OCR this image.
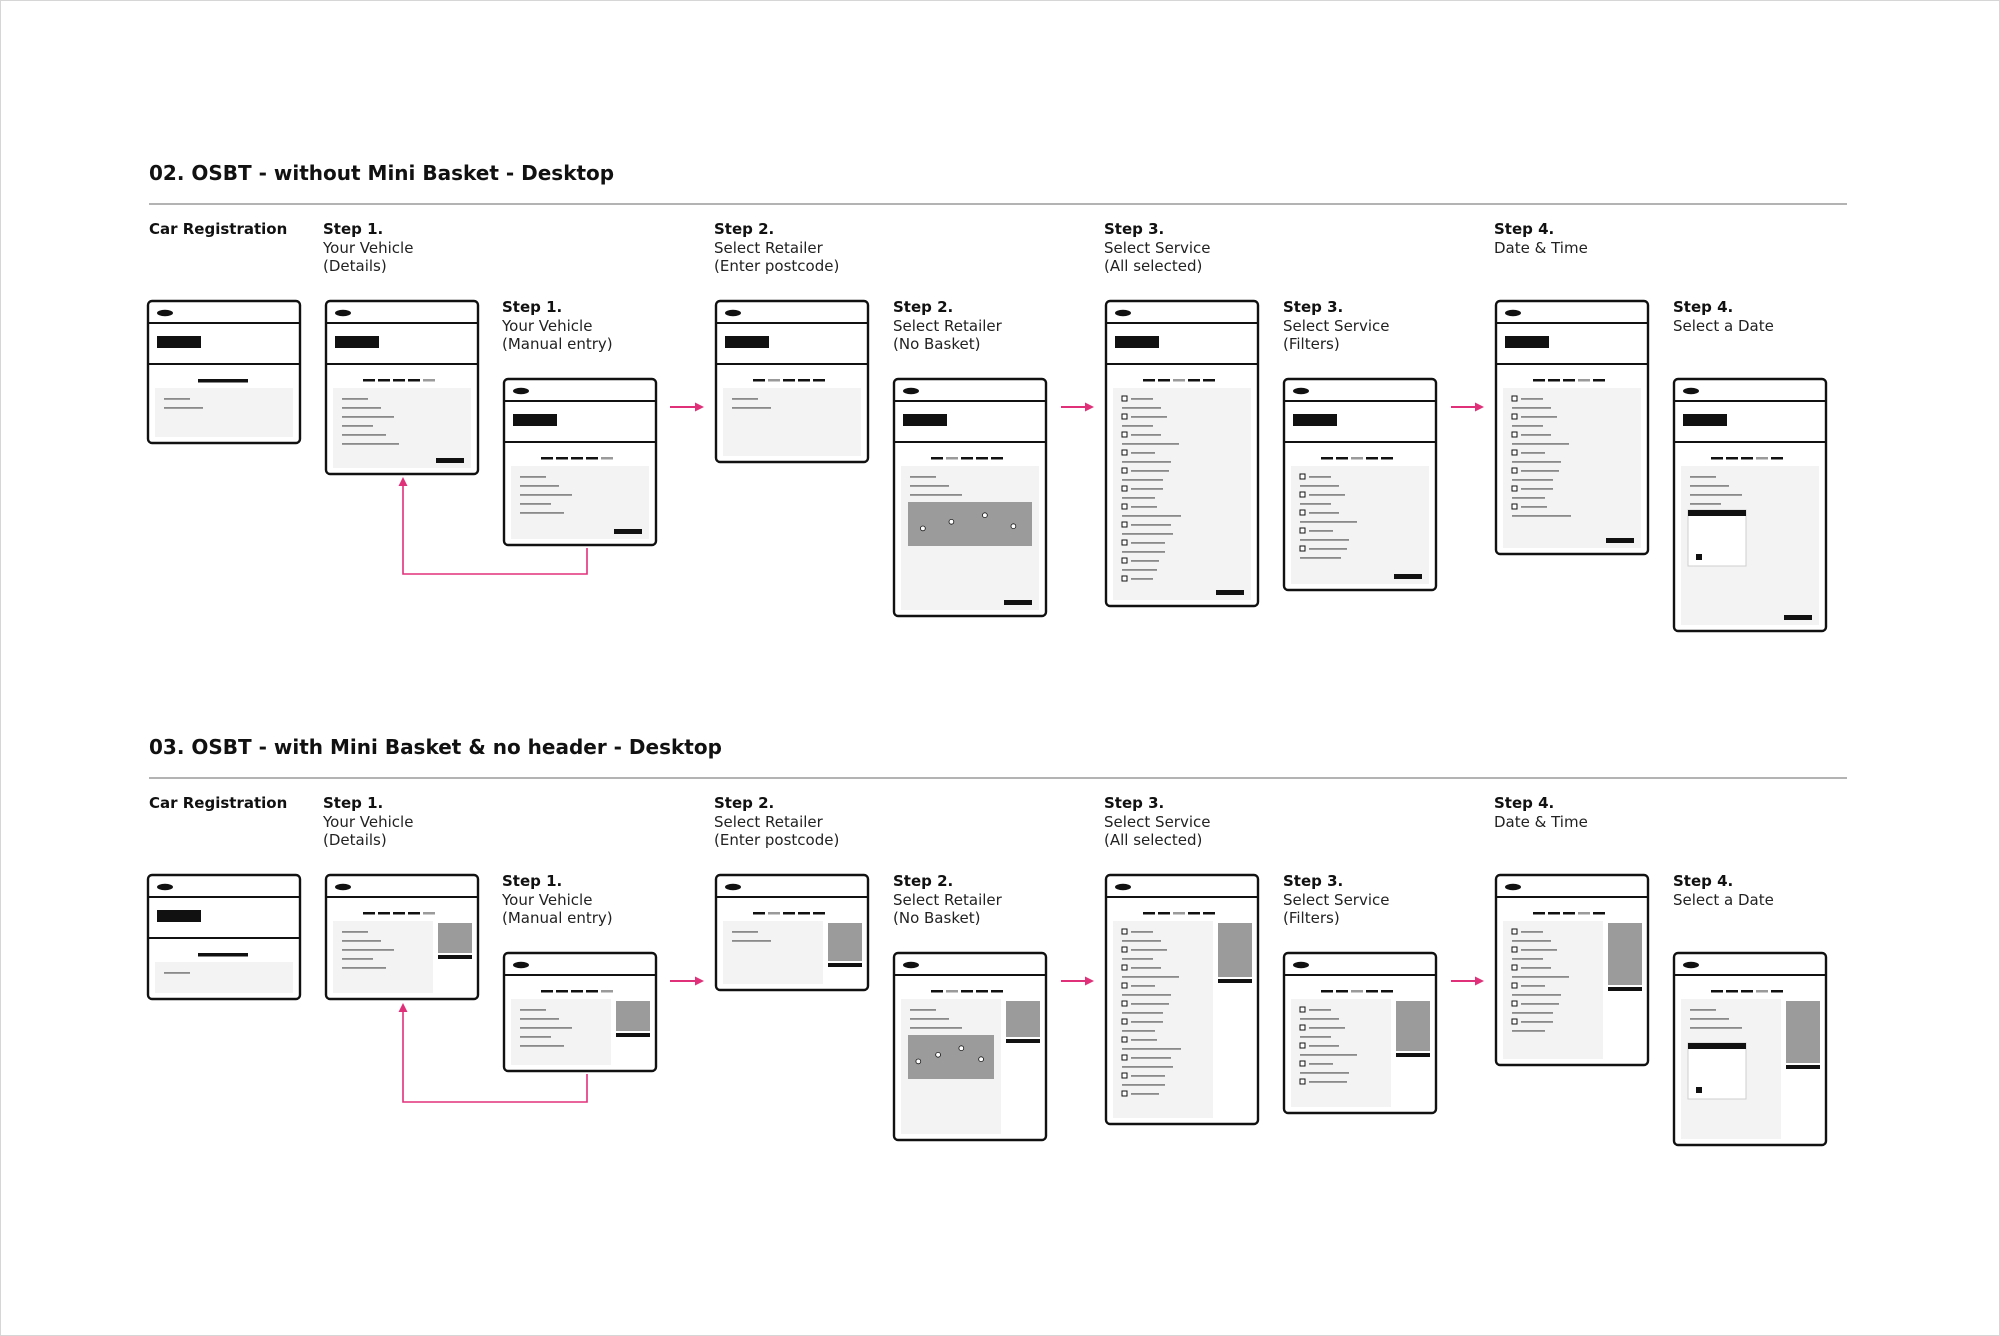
02. OSBT - without Mini Basket - Desktop
Car Registration Step 1.
Your Vehicle
(Details)
Step 1.
Your Vehicle
(Manual entry)
Step 2.
Select Retailer
(Enter postcode)
Step 2.
Select Retailer
(No Basket)
Step 3.
Select Service
(All selected)
Step 3.
Select Service
(Filters)
Step 4.
Date & Time
Step 4.
Select a Date
03. OSBT - with Mini Basket & no header - Desktop
Car Registration Step 1.
Your Vehicle
(Details)
Step 1.
Your Vehicle
(Manual entry)
Step 2.
Select Retailer
(Enter postcode)
Step 2.
Select Retailer
(No Basket)
Step 3.
Select Service
(All selected)
Step 3.
Select Service
(Filters)
Step 4.
Date & Time
Step 4.
Select a Date
